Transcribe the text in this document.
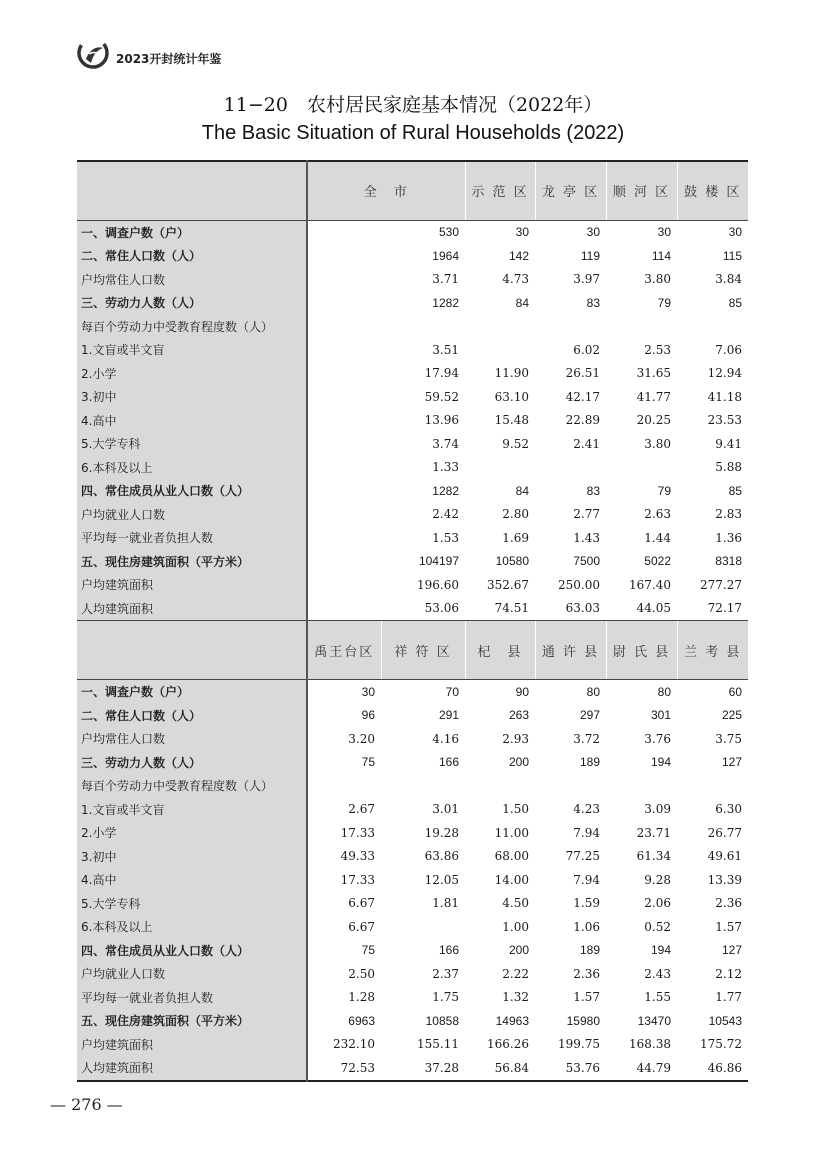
2023开封统计年鉴
11−20　农村居民家庭基本情况（2022年）
The Basic Situation of Rural Households (2022)
	全　市	示 范 区	龙 亭 区	顺 河 区	鼓 楼 区
一、调查户数（户）	530	30	30	30	30
二、常住人口数（人）	1964	142	119	114	115
户均常住人口数	3.71	4.73	3.97	3.80	3.84
三、劳动力人数（人）	1282	84	83	79	85
每百个劳动力中受教育程度数（人）					
1.文盲或半文盲	3.51		6.02	2.53	7.06
2.小学	17.94	11.90	26.51	31.65	12.94
3.初中	59.52	63.10	42.17	41.77	41.18
4.高中	13.96	15.48	22.89	20.25	23.53
5.大学专科	3.74	9.52	2.41	3.80	9.41
6.本科及以上	1.33				5.88
四、常住成员从业人口数（人）	1282	84	83	79	85
户均就业人口数	2.42	2.80	2.77	2.63	2.83
平均每一就业者负担人数	1.53	1.69	1.43	1.44	1.36
五、现住房建筑面积（平方米）	104197	10580	7500	5022	8318
户均建筑面积	196.60	352.67	250.00	167.40	277.27
人均建筑面积	53.06	74.51	63.03	44.05	72.17
	禹王台区	祥 符 区	杞　县	通 许 县	尉 氏 县	兰 考 县
一、调查户数（户）	30	70	90	80	80	60
二、常住人口数（人）	96	291	263	297	301	225
户均常住人口数	3.20	4.16	2.93	3.72	3.76	3.75
三、劳动力人数（人）	75	166	200	189	194	127
每百个劳动力中受教育程度数（人）						
1.文盲或半文盲	2.67	3.01	1.50	4.23	3.09	6.30
2.小学	17.33	19.28	11.00	7.94	23.71	26.77
3.初中	49.33	63.86	68.00	77.25	61.34	49.61
4.高中	17.33	12.05	14.00	7.94	9.28	13.39
5.大学专科	6.67	1.81	4.50	1.59	2.06	2.36
6.本科及以上	6.67		1.00	1.06	0.52	1.57
四、常住成员从业人口数（人）	75	166	200	189	194	127
户均就业人口数	2.50	2.37	2.22	2.36	2.43	2.12
平均每一就业者负担人数	1.28	1.75	1.32	1.57	1.55	1.77
五、现住房建筑面积（平方米）	6963	10858	14963	15980	13470	10543
户均建筑面积	232.10	155.11	166.26	199.75	168.38	175.72
人均建筑面积	72.53	37.28	56.84	53.76	44.79	46.86
— 276 —
